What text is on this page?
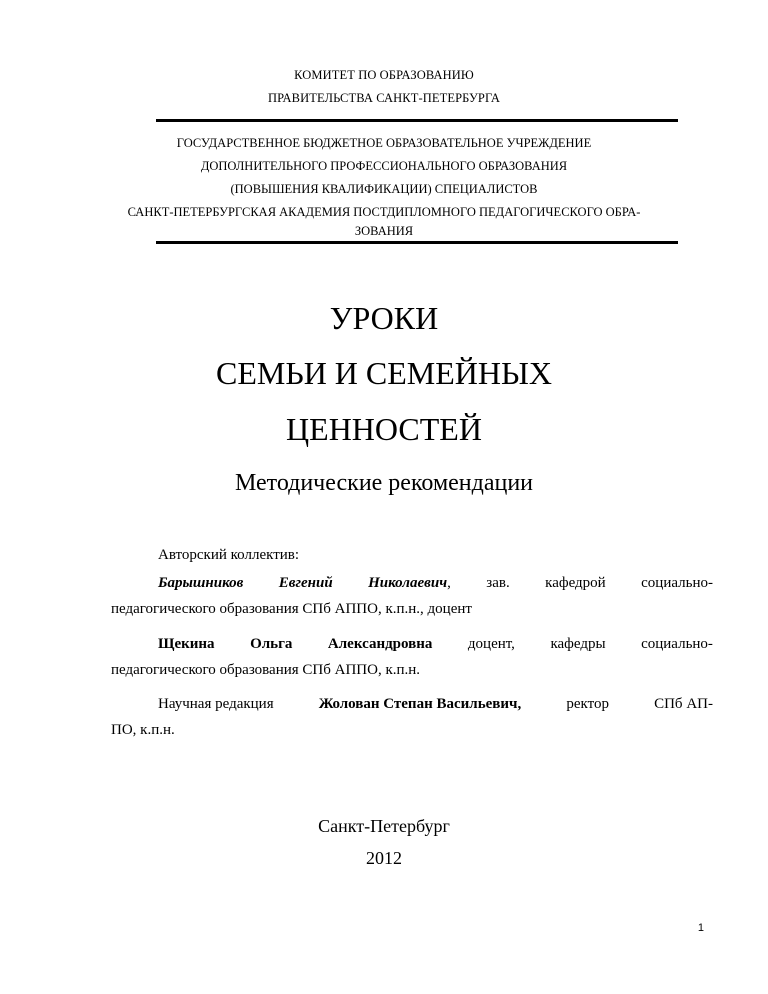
КОМИТЕТ ПО ОБРАЗОВАНИЮ
ПРАВИТЕЛЬСТВА САНКТ-ПЕТЕРБУРГА
ГОСУДАРСТВЕННОЕ БЮДЖЕТНОЕ ОБРАЗОВАТЕЛЬНОЕ УЧРЕЖДЕНИЕ
ДОПОЛНИТЕЛЬНОГО ПРОФЕССИОНАЛЬНОГО ОБРАЗОВАНИЯ
(ПОВЫШЕНИЯ КВАЛИФИКАЦИИ) СПЕЦИАЛИСТОВ
САНКТ-ПЕТЕРБУРГСКАЯ АКАДЕМИЯ ПОСТДИПЛОМНОГО ПЕДАГОГИЧЕСКОГО ОБРА-
ЗОВАНИЯ
УРОКИ
СЕМЬИ И СЕМЕЙНЫХ
ЦЕННОСТЕЙ
Методические рекомендации
Авторский коллектив:
Барышников Евгений Николаевич, зав. кафедрой социально-
педагогического образования СПб АППО, к.п.н., доцент
Щекина Ольга Александровна доцент, кафедры социально-
педагогического образования СПб АППО, к.п.н.
Научная редакция	Жолован Степан Васильевич,	ректор	СПб АП-
ПО, к.п.н.
Санкт-Петербург
2012
1
